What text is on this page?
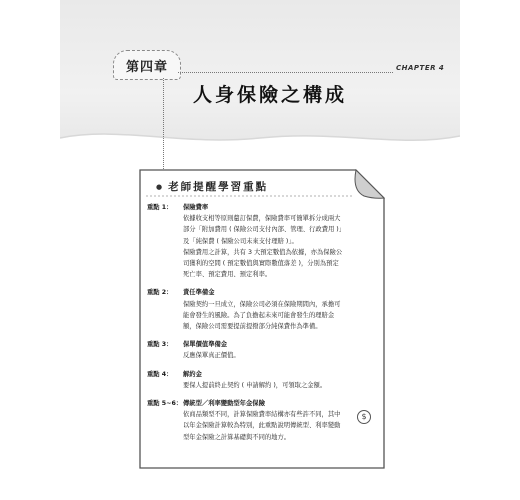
第四章	CHAPTER 4
人身保險之構成
● 老師提醒學習重點
重點 1：	保險費率
依據收支相等原則釐訂保費，保險費率可簡單拆分成兩大
部分「附加費用 ( 保險公司支付內部、管理、行政費用 )」
及「純保費 ( 保險公司未來支付理賠 )」。
保險費用之計算，共有 3 大預定數值為依據，亦為保險公
司獲利的空間 ( 預定數值與實際數值落差 )，分別為預定
死亡率、預定費用、預定利率。
重點 2：	責任準備金
保險契約一旦成立，保險公司必須在保險期間內，承擔可
能會發生的風險。為了負擔起未來可能會發生的理賠金
額，保險公司需要提前提撥部分純保費作為準備。
重點 3：	保單價值準備金
反應保單真正價值。
重點 4：	解約金
要保人提前終止契約 ( 申請解約 )，可領取之金額。
重點 5~6： 傳統型／利率變動型年金保險
依商品類型不同，計算保險費率結構亦有些許不同，其中
以年金保險計算較為特別，此重點說明傳統型、利率變動
型年金保險之計算基礎與不同的地方。
$
